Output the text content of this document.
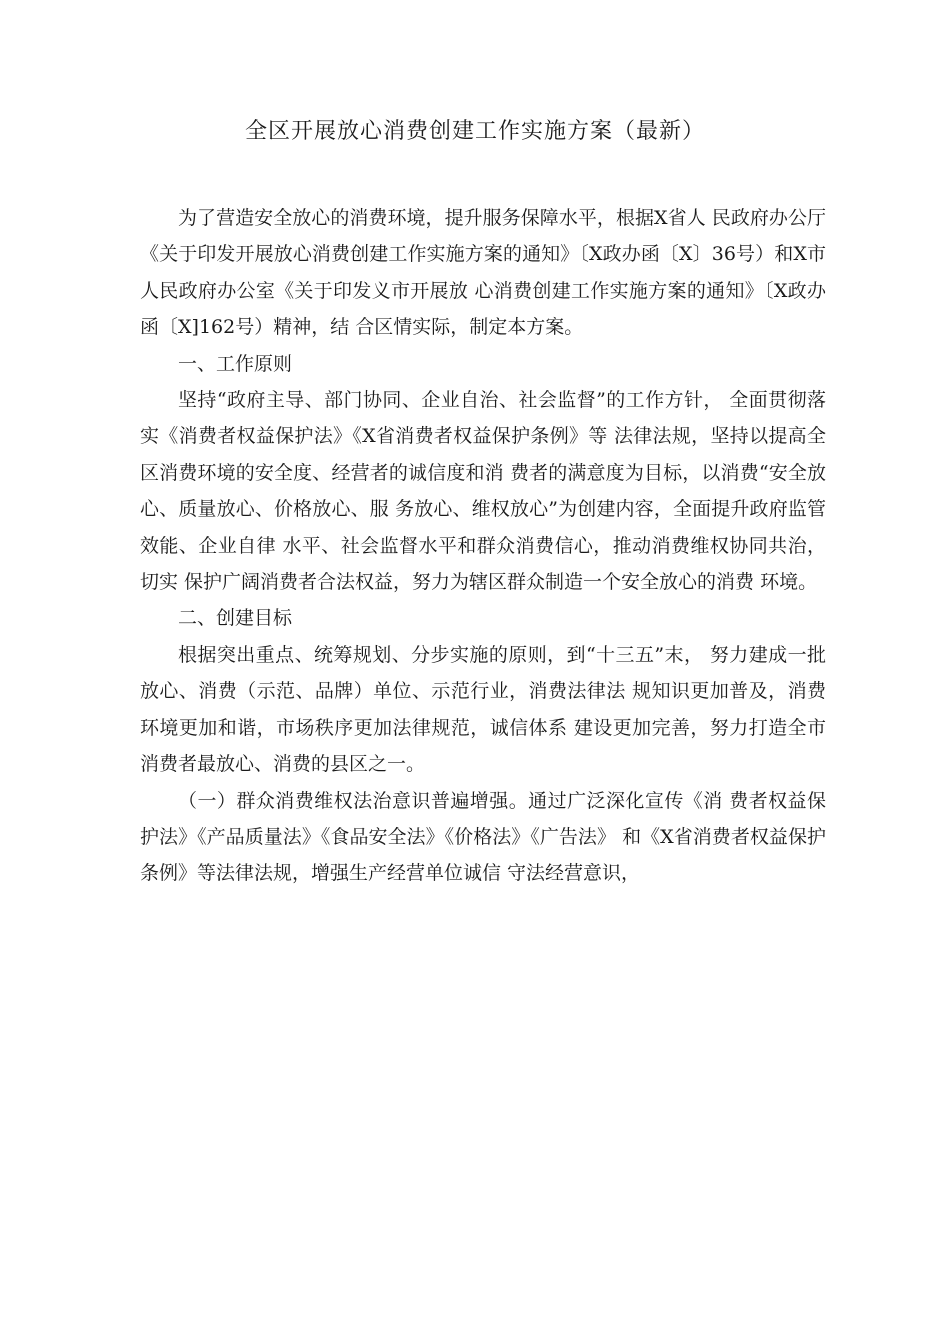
全区开展放心消费创建工作实施方案（最新）

为了营造安全放心的消费环境，提升服务保障水平，根据X省人 民政府办公厅《关于印发开展放心消费创建工作实施方案的通知》〔X政办函〔X〕36号）和X市人民政府办公室《关于印发义市开展放 心消费创建工作实施方案的通知》〔X政办函〔X]162号）精神，结 合区情实际，制定本方案。

一、工作原则

坚持“政府主导、部门协同、企业自治、社会监督”的工作方针， 全面贯彻落实《消费者权益保护法》《X省消费者权益保护条例》等 法律法规，坚持以提高全区消费环境的安全度、经营者的诚信度和消 费者的满意度为目标，以消费“安全放心、质量放心、价格放心、服 务放心、维权放心”为创建内容，全面提升政府监管效能、企业自律 水平、社会监督水平和群众消费信心，推动消费维权协同共治，切实 保护广阔消费者合法权益，努力为辖区群众制造一个安全放心的消费 环境。

二、创建目标

根据突出重点、统筹规划、分步实施的原则，到“十三五”末， 努力建成一批放心、消费（示范、品牌）单位、示范行业，消费法律法 规知识更加普及，消费环境更加和谐，市场秩序更加法律规范，诚信体系 建设更加完善，努力打造全市消费者最放心、消费的县区之一。

（一）群众消费维权法治意识普遍增强。通过广泛深化宣传《消 费者权益保护法》《产品质量法》《食品安全法》《价格法》《广告法》 和《X省消费者权益保护条例》等法律法规，增强生产经营单位诚信 守法经营意识，
